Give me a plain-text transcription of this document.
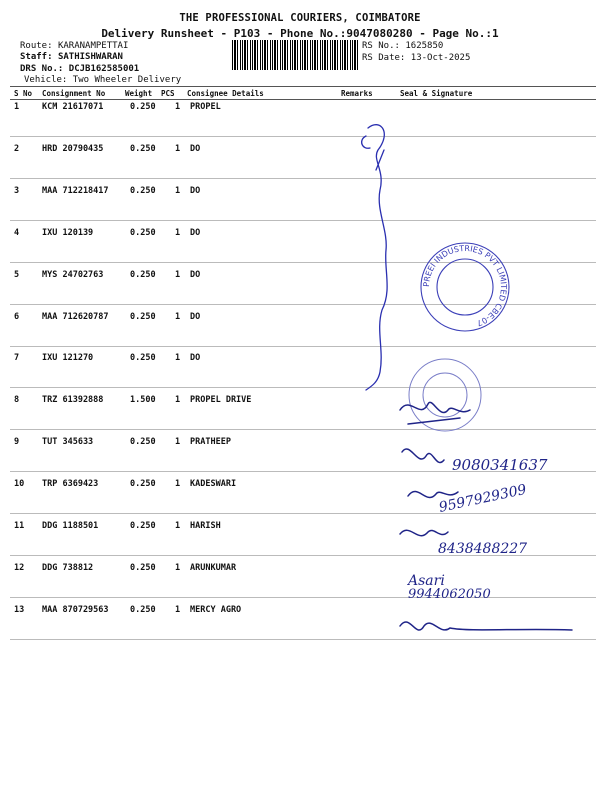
THE PROFESSIONAL COURIERS, COIMBATORE
Delivery Runsheet - P103 - Phone No.:9047080280 - Page No.:1
Route: KARANAMPETTAI
Staff: SATHISHWARAN
DRS No.: DCJB162585001
Vehicle: Two Wheeler Delivery
RS No.: 1625850
RS Date: 13-Oct-2025
S No Consignment No	Weight PCS Consignee Details	Remarks	Seal & Signature
1	KCM 21617071	0.250 1 PROPEL
2	HRD 20790435	0.250 1 DO
3	MAA 712218417	0.250 1 DO
4	IXU 120139	0.250 1 DO
5	MYS 24702763	0.250 1 DO
6	MAA 712620787	0.250 1 DO
7	IXU 121270	0.250 1 DO
8	TRZ 61392888	1.500 1 PROPEL DRIVE
9	TUT 345633	0.250 1 PRATHEEP
10 TRP 6369423	0.250 1 KADESWARI
11 DDG 1188501	0.250 1 HARISH
12 DDG 738812	0.250 1 ARUNKUMAR
13 MAA 870729563	0.250 1 MERCY AGRO
PREEI INDUSTRIES PVT LIMITED CBE-07
9080341637
9597929309
8438488227
Asari
9944062050
